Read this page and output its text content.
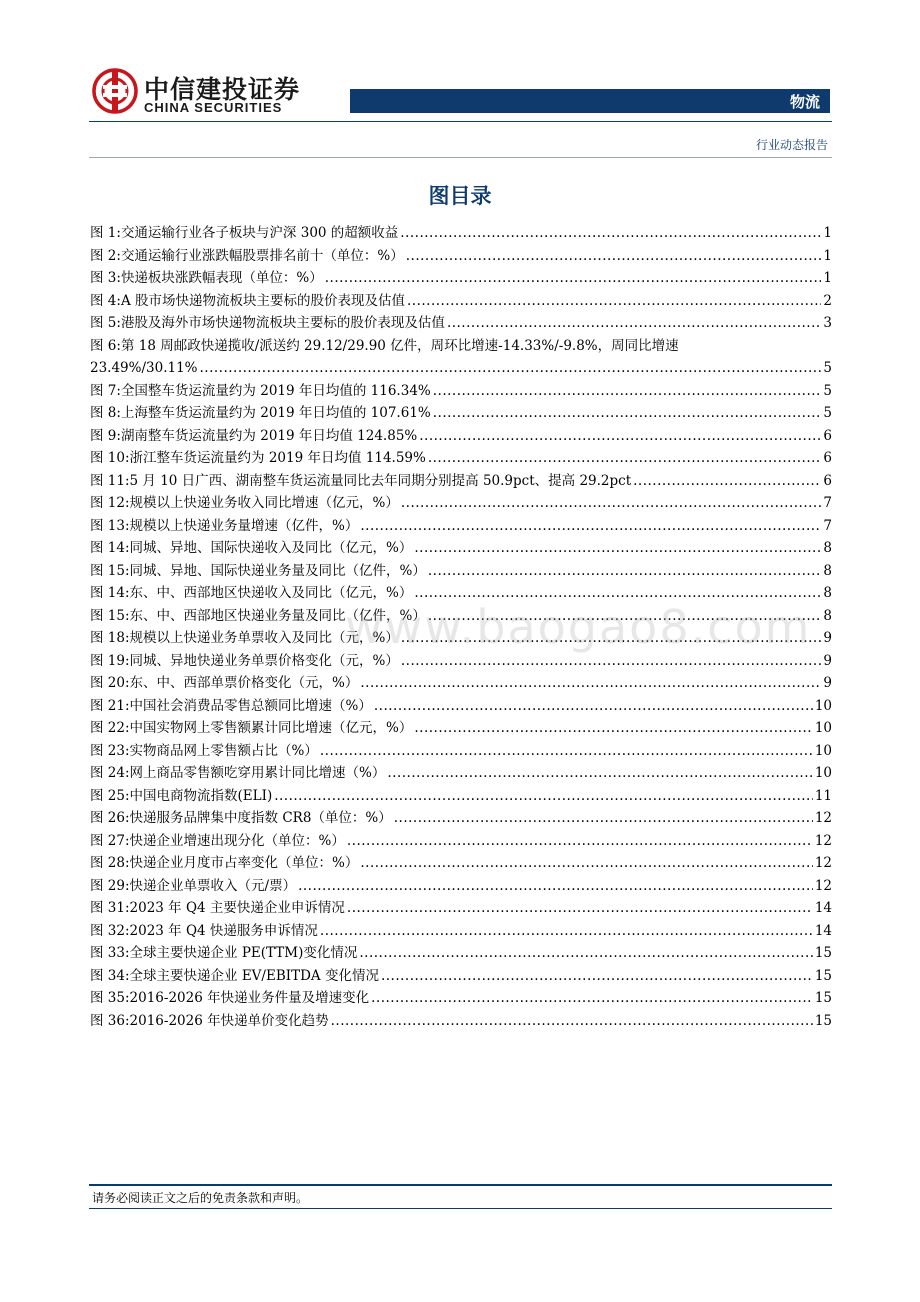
中信建投证券
CHINA SECURITIES	物流
行业动态报告
图目录
图 1: 交通运输行业各子板块与沪深 300 的超额收益 .....	1
图 2: 交通运输行业涨跌幅股票排名前十（单位：%） .....	1
图 3: 快递板块涨跌幅表现（单位：%） .....	1
图 4: A 股市场快递物流板块主要标的股价表现及估值 .....	2
图 5: 港股及海外市场快递物流板块主要标的股价表现及估值 .....	3
图 6: 第 18 周邮政快递揽收/派送约 29.12/29.90 亿件，周环比增速-14.33%/-9.8%，周同比增速
23.49%/30.11% .....	5
图 7: 全国整车货运流量约为 2019 年日均值的 116.34% .....	5
图 8: 上海整车货运流量约为 2019 年日均值的 107.61% .....	5
图 9: 湖南整车货运流量约为 2019 年日均值 124.85% .....	6
图 10: 浙江整车货运流量约为 2019 年日均值 114.59% .....	6
图 11: 5 月 10 日广西、湖南整车货运流量同比去年同期分别提高 50.9pct、提高 29.2pct .....	6
图 12: 规模以上快递业务收入同比增速（亿元，%） .....	7
图 13: 规模以上快递业务量增速（亿件，%） .....	7
图 14: 同城、异地、国际快递收入及同比（亿元，%） .....	8
图 15: 同城、异地、国际快递业务量及同比（亿件，%） .....	8
图 14: 东、中、西部地区快递收入及同比（亿元，%） .....	8
图 15: 东、中、西部地区快递业务量及同比（亿件，%） .....	8
图 18: 规模以上快递业务单票收入及同比（元，%） .....	9
图 19: 同城、异地快递业务单票价格变化（元，%） .....	9
图 20: 东、中、西部单票价格变化（元，%） .....	9
图 21: 中国社会消费品零售总额同比增速（%） .....	10
图 22: 中国实物网上零售额累计同比增速（亿元，%） .....	10
图 23: 实物商品网上零售额占比（%） .....	10
图 24: 网上商品零售额吃穿用累计同比增速（%） .....	10
图 25: 中国电商物流指数(ELI) .....	11
图 26: 快递服务品牌集中度指数 CR8（单位：%） .....	12
图 27: 快递企业增速出现分化（单位：%） .....	12
图 28: 快递企业月度市占率变化（单位：%） .....	12
图 29: 快递企业单票收入（元/票） .....	12
图 31: 2023 年 Q4 主要快递企业申诉情况 .....	14
图 32: 2023 年 Q4 快递服务申诉情况 .....	14
图 33: 全球主要快递企业 PE(TTM)变化情况 .....	15
图 34: 全球主要快递企业 EV/EBITDA 变化情况 .....	15
图 35: 2016-2026 年快递业务件量及增速变化 .....	15
图 36: 2016-2026 年快递单价变化趋势 .....	15
www.baogao8.com
请务必阅读正文之后的免责条款和声明。
